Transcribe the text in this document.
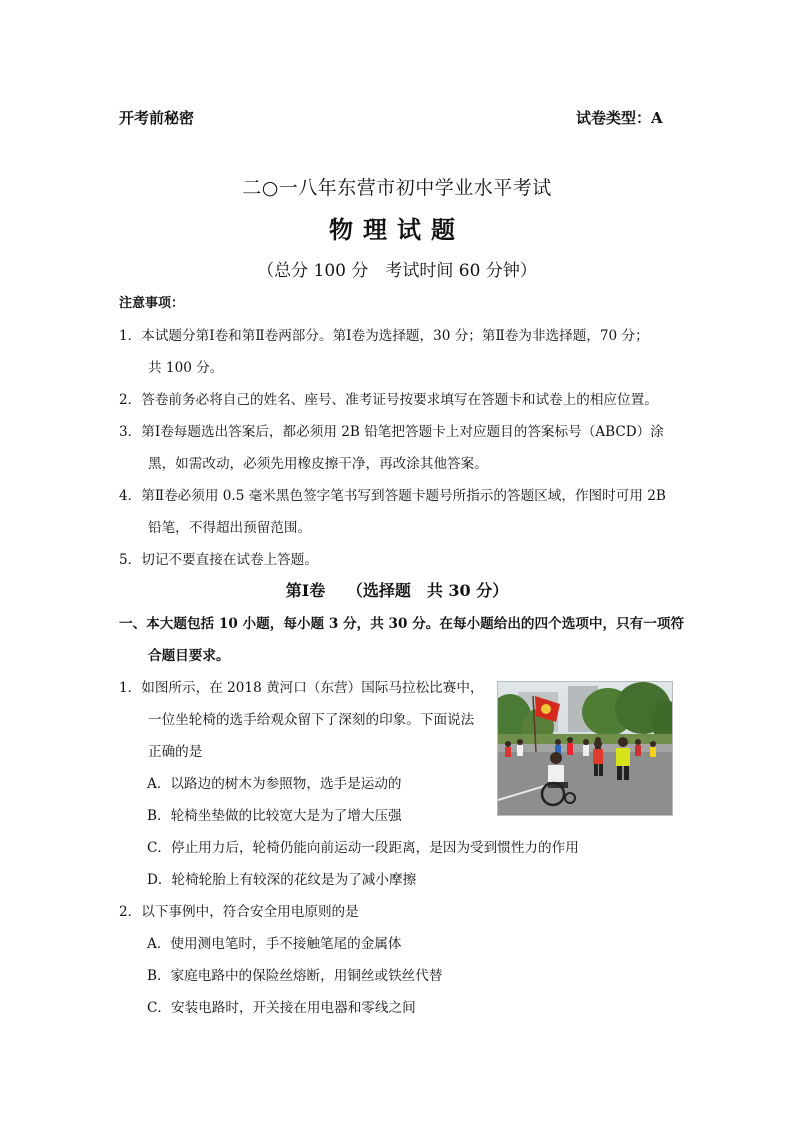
开考前秘密	试卷类型：A
二○一八年东营市初中学业水平考试
物理试题
（总分 100 分　考试时间 60 分钟）
注意事项：
1．本试题分第Ⅰ卷和第Ⅱ卷两部分。第Ⅰ卷为选择题，30 分；第Ⅱ卷为非选择题，70 分；
共 100 分。
2．答卷前务必将自己的姓名、座号、准考证号按要求填写在答题卡和试卷上的相应位置。
3．第Ⅰ卷每题选出答案后，都必须用 2B 铅笔把答题卡上对应题目的答案标号（ABCD）涂
黑，如需改动，必须先用橡皮擦干净，再改涂其他答案。
4．第Ⅱ卷必须用 0.5 毫米黑色签字笔书写到答题卡题号所指示的答题区域，作图时可用 2B
铅笔，不得超出预留范围。
5．切记不要直接在试卷上答题。
第Ⅰ卷　 （选择题　共 30 分）
一、本大题包括 10 小题，每小题 3 分，共 30 分。在每小题给出的四个选项中，只有一项符
合题目要求。
1．如图所示，在 2018 黄河口（东营）国际马拉松比赛中，
一位坐轮椅的选手给观众留下了深刻的印象。下面说法
正确的是
A．以路边的树木为参照物，选手是运动的
B．轮椅坐垫做的比较宽大是为了增大压强
C．停止用力后，轮椅仍能向前运动一段距离，是因为受到惯性力的作用
D．轮椅轮胎上有较深的花纹是为了减小摩擦
2．以下事例中，符合安全用电原则的是
A．使用测电笔时，手不接触笔尾的金属体
B．家庭电路中的保险丝熔断，用铜丝或铁丝代替
C．安装电路时，开关接在用电器和零线之间
